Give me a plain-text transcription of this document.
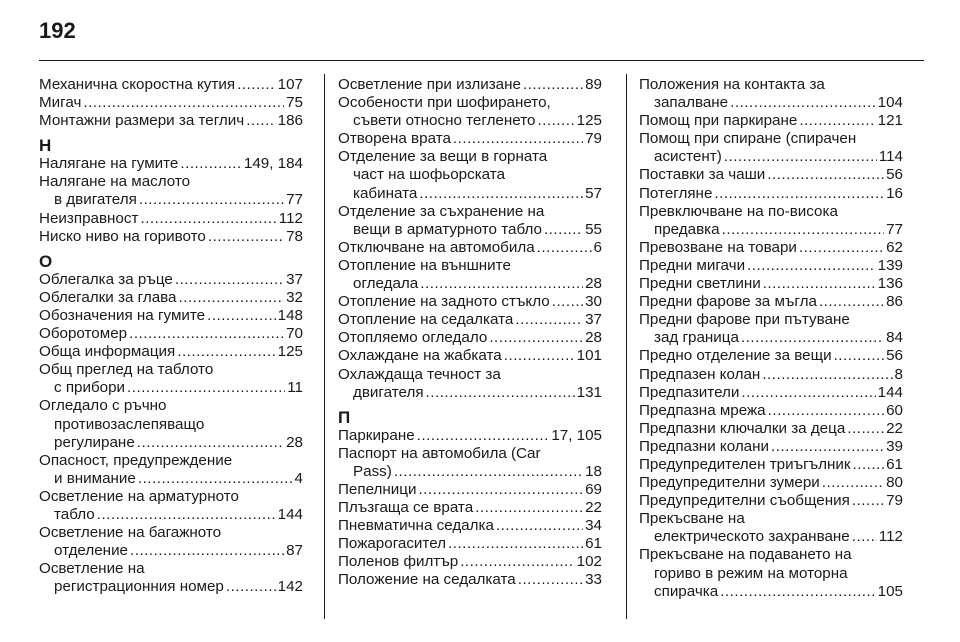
192
Механична скоростна кутия .....	107
Мигач .....	75
Монтажни размери за теглич ..... 186
Н
Налягане на гумите .....	149, 184
Налягане на маслото
в двигателя .....	77
Неизправност .....	112
Ниско ниво на горивото .....	78
О
Облегалка за ръце .....	37
Облегалки за глава .....	32
Обозначения на гумите .....	148
Оборотомер .....	70
Обща информация .....	125
Общ преглед на таблото
с прибори .....	11
Огледало с ръчно
противозаслепяващо
регулиране .....	28
Опасност, предупреждение
и внимание .....	4
Осветление на арматурното
табло .....	144
Осветление на багажното
отделение .....	87
Осветление на
регистрационния номер .....	142
Осветление при излизане .....	89
Особености при шофирането,
съвети относно тегленето .....	125
Отворена врата .....	79
Отделение за вещи в горната
част на шофьорската
кабината .....	57
Отделение за съхранение на
вещи в арматурното табло .....	55
Отключване на автомобила .....	6
Отопление на външните
огледала .....	28
Отопление на задното стъкло ..... 30
Отопление на седалката .....	37
Отопляемо огледало .....	28
Охлаждане на жабката .....	101
Охлаждаща течност за
двигателя .....	131
П
Паркиране .....	17, 105
Паспорт на автомобила (Car
Pass) .....	18
Пепелници .....	69
Плъзгаща се врата .....	22
Пневматична седалка .....	34
Пожарогасител .....	61
Поленов филтър .....	102
Положение на седалката .....	33
Положения на контакта за
запалване .....	104
Помощ при паркиране .....	121
Помощ при спиране (спирачен
асистент) .....	114
Поставки за чаши .....	56
Потегляне .....	16
Превключване на по-висока
предавка .....	77
Превозване на товари .....	62
Предни мигачи .....	139
Предни светлини .....	136
Предни фарове за мъгла .....	86
Предни фарове при пътуване
зад граница .....	84
Предно отделение за вещи .....	56
Предпазен колан .....	8
Предпазители .....	144
Предпазна мрежа .....	60
Предпазни ключалки за деца .....	22
Предпазни колани .....	39
Предупредителен триъгълник ..... 61
Предупредителни зумери .....	80
Предупредителни съобщения ..... 79
Прекъсване на
електрическото захранване ..... 112
Прекъсване на подаването на
гориво в режим на моторна
спирачка .....	105
